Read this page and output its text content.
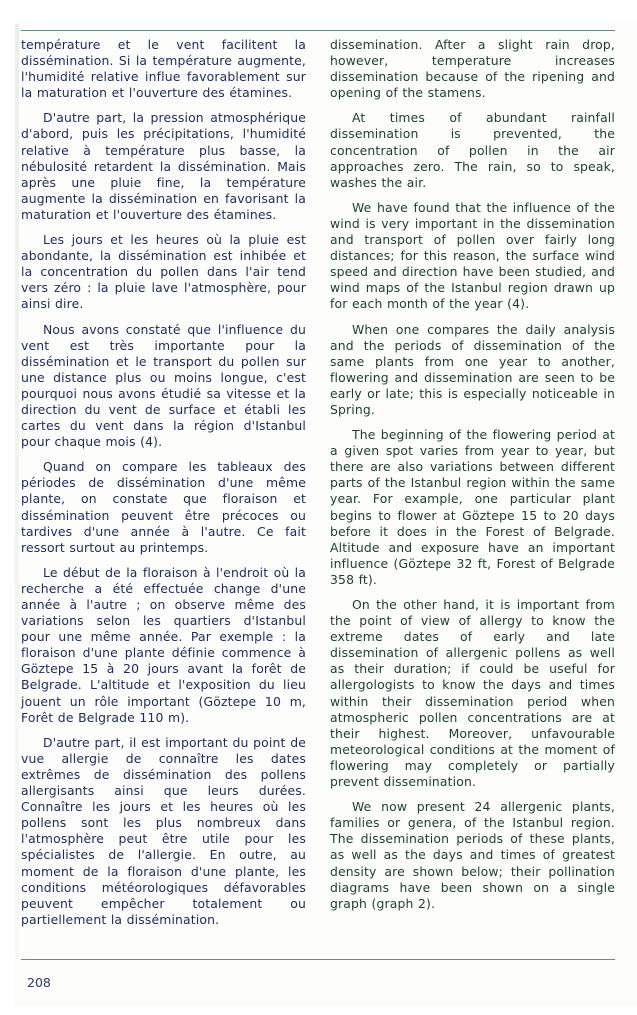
température et le vent facilitent la dissémination. Si la température augmente, l'humidité relative influe favorablement sur la maturation et l'ouverture des étamines.

D'autre part, la pression atmosphérique d'abord, puis les précipitations, l'humidité relative à température plus basse, la nébulosité retardent la dissémination. Mais après une pluie fine, la température augmente la dissémination en favorisant la maturation et l'ouverture des étamines.

Les jours et les heures où la pluie est abondante, la dissémination est inhibée et la concentration du pollen dans l'air tend vers zéro : la pluie lave l'atmosphère, pour ainsi dire.

Nous avons constaté que l'influence du vent est très importante pour la dissémination et le transport du pollen sur une distance plus ou moins longue, c'est pourquoi nous avons étudié sa vitesse et la direction du vent de surface et établi les cartes du vent dans la région d'Istanbul pour chaque mois (4).

Quand on compare les tableaux des périodes de dissémination d'une même plante, on constate que floraison et dissémination peuvent être précoces ou tardives d'une année à l'autre. Ce fait ressort surtout au printemps.

Le début de la floraison à l'endroit où la recherche a été effectuée change d'une année à l'autre ; on observe même des variations selon les quartiers d'Istanbul pour une même année. Par exemple : la floraison d'une plante définie commence à Göztepe 15 à 20 jours avant la forêt de Belgrade. L'altitude et l'exposition du lieu jouent un rôle important (Göztepe 10 m, Forêt de Belgrade 110 m).

D'autre part, il est important du point de vue allergie de connaître les dates extrêmes de dissémination des pollens allergisants ainsi que leurs durées. Connaître les jours et les heures où les pollens sont les plus nombreux dans l'atmosphère peut être utile pour les spécialistes de l'allergie. En outre, au moment de la floraison d'une plante, les conditions météorologiques défavorables peuvent empêcher totalement ou partiellement la dissémination.

dissemination. After a slight rain drop, however, temperature increases dissemination because of the ripening and opening of the stamens.

At times of abundant rainfall dissemination is prevented, the concentration of pollen in the air approaches zero. The rain, so to speak, washes the air.

We have found that the influence of the wind is very important in the dissemination and transport of pollen over fairly long distances; for this reason, the surface wind speed and direction have been studied, and wind maps of the Istanbul region drawn up for each month of the year (4).

When one compares the daily analysis and the periods of dissemination of the same plants from one year to another, flowering and dissemination are seen to be early or late; this is especially noticeable in Spring.

The beginning of the flowering period at a given spot varies from year to year, but there are also variations between different parts of the Istanbul region within the same year. For example, one particular plant begins to flower at Göztepe 15 to 20 days before it does in the Forest of Belgrade. Altitude and exposure have an important influence (Göztepe 32 ft, Forest of Belgrade 358 ft).

On the other hand, it is important from the point of view of allergy to know the extreme dates of early and late dissemination of allergenic pollens as well as their duration; if could be useful for allergologists to know the days and times within their dissemination period when atmospheric pollen concentrations are at their highest. Moreover, unfavourable meteorological conditions at the moment of flowering may completely or partially prevent dissemination.

We now present 24 allergenic plants, families or genera, of the Istanbul region. The dissemination periods of these plants, as well as the days and times of greatest density are shown below; their pollination diagrams have been shown on a single graph (graph 2).

208
